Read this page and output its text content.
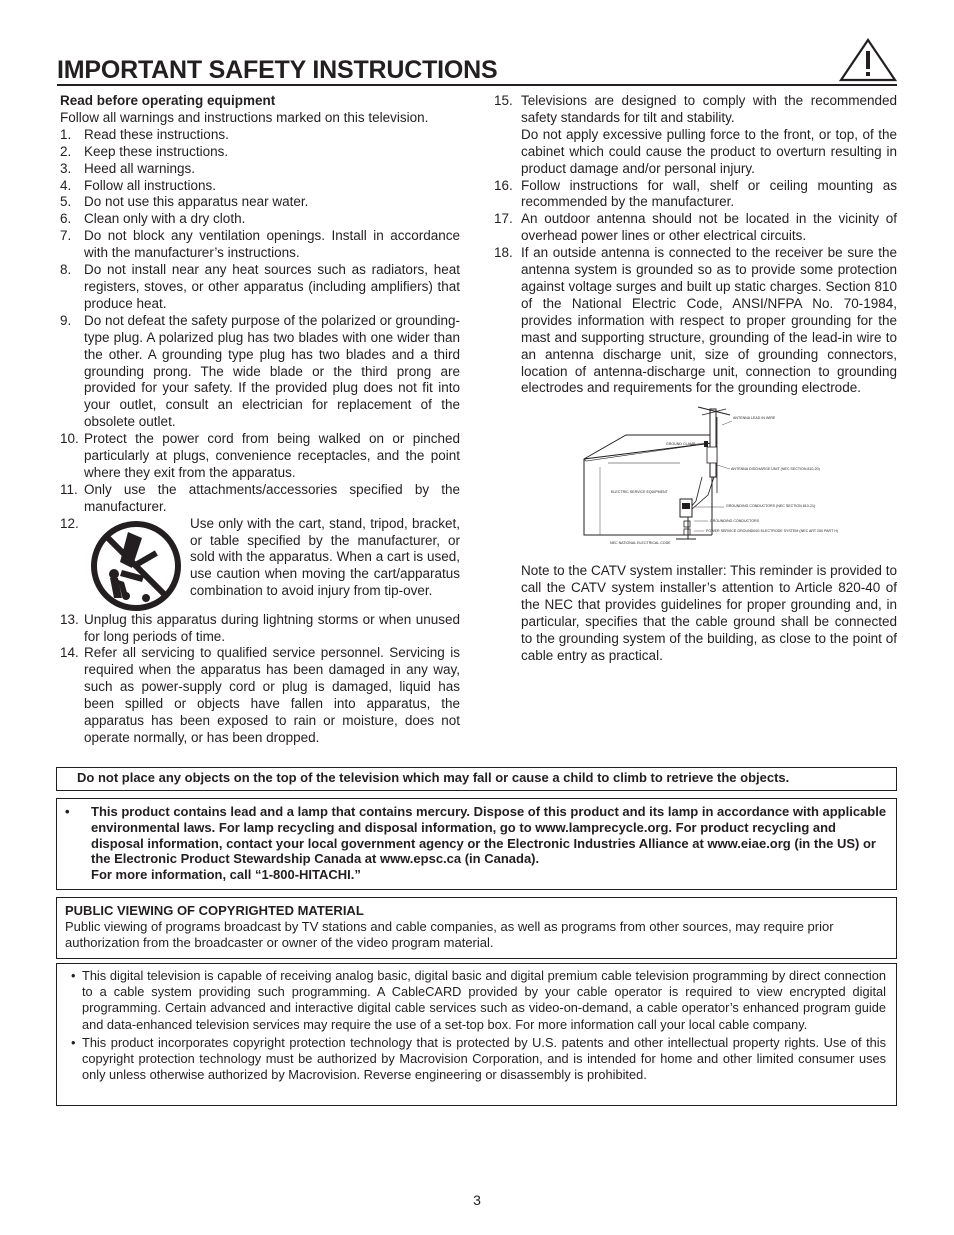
IMPORTANT SAFETY INSTRUCTIONS
Read before operating equipment
Follow all warnings and instructions marked on this television.
1. Read these instructions.
2. Keep these instructions.
3. Heed all warnings.
4. Follow all instructions.
5. Do not use this apparatus near water.
6. Clean only with a dry cloth.
7. Do not block any ventilation openings. Install in accordance with the manufacturer’s instructions.
8. Do not install near any heat sources such as radiators, heat registers, stoves, or other apparatus (including amplifiers) that produce heat.
9. Do not defeat the safety purpose of the polarized or grounding-type plug. A polarized plug has two blades with one wider than the other. A grounding type plug has two blades and a third grounding prong. The wide blade or the third prong are provided for your safety. If the provided plug does not fit into your outlet, consult an electrician for replacement of the obsolete outlet.
10. Protect the power cord from being walked on or pinched particularly at plugs, convenience receptacles, and the point where they exit from the apparatus.
11. Only use the attachments/accessories specified by the manufacturer.
12.	Use only with the cart, stand, tripod, bracket, or table specified by the manufacturer, or sold with the apparatus. When a cart is used, use caution when moving the cart/apparatus combination to avoid injury from tip-over.
13. Unplug this apparatus during lightning storms or when unused for long periods of time.
14. Refer all servicing to qualified service personnel. Servicing is required when the apparatus has been damaged in any way, such as power-supply cord or plug is damaged, liquid has been spilled or objects have fallen into apparatus, the apparatus has been exposed to rain or moisture, does not operate normally, or has been dropped.
15. Televisions are designed to comply with the recommended safety standards for tilt and stability.
Do not apply excessive pulling force to the front, or top, of the cabinet which could cause the product to overturn resulting in product damage and/or personal injury.
16. Follow instructions for wall, shelf or ceiling mounting as recommended by the manufacturer.
17. An outdoor antenna should not be located in the vicinity of overhead power lines or other electrical circuits.
18. If an outside antenna is connected to the receiver be sure the antenna system is grounded so as to provide some protection against voltage surges and built up static charges. Section 810 of the National Electric Code, ANSI/NFPA No. 70-1984, provides information with respect to proper grounding for the mast and supporting structure, grounding of the lead-in wire to an antenna discharge unit, size of grounding connectors, location of antenna-discharge unit, connection to grounding electrodes and requirements for the grounding electrode.
ANTENNA LEAD IN WIRE
GROUND CLAMP
ANTENNA DISCHARGE UNIT (NEC SECTION 810-20)
ELECTRIC SERVICE EQUIPMENT
GROUNDING CONDUCTORS (NEC SECTION 810-21)
GROUNDING CONDUCTORS
POWER SERVICE GROUNDING ELECTRODE SYSTEM (NEC ART 250 PART H)
NEC NATIONAL ELECTRICAL CODE

Note to the CATV system installer: This reminder is provided to call the CATV system installer’s attention to Article 820-40 of the NEC that provides guidelines for proper grounding and, in particular, specifies that the cable ground shall be connected to the grounding system of the building, as close to the point of cable entry as practical.

Do not place any objects on the top of the television which may fall or cause a child to climb to retrieve the objects.
•	This product contains lead and a lamp that contains mercury. Dispose of this product and its lamp in accordance with applicable environmental laws. For lamp recycling and disposal information, go to www.lamprecycle.org. For product recycling and disposal information, contact your local government agency or the Electronic Industries Alliance at www.eiae.org (in the US) or the Electronic Product Stewardship Canada at www.epsc.ca (in Canada).
For more information, call “1-800-HITACHI.”
PUBLIC VIEWING OF COPYRIGHTED MATERIAL
Public viewing of programs broadcast by TV stations and cable companies, as well as programs from other sources, may require prior authorization from the broadcaster or owner of the video program material.
• This digital television is capable of receiving analog basic, digital basic and digital premium cable television programming by direct connection to a cable system providing such programming. A CableCARD provided by your cable operator is required to view encrypted digital programming. Certain advanced and interactive digital cable services such as video-on-demand, a cable operator’s enhanced program guide and data-enhanced television services may require the use of a set-top box. For more information call your local cable company.
• This product incorporates copyright protection technology that is protected by U.S. patents and other intellectual property rights. Use of this copyright protection technology must be authorized by Macrovision Corporation, and is intended for home and other limited consumer uses only unless otherwise authorized by Macrovision. Reverse engineering or disassembly is prohibited.
3
